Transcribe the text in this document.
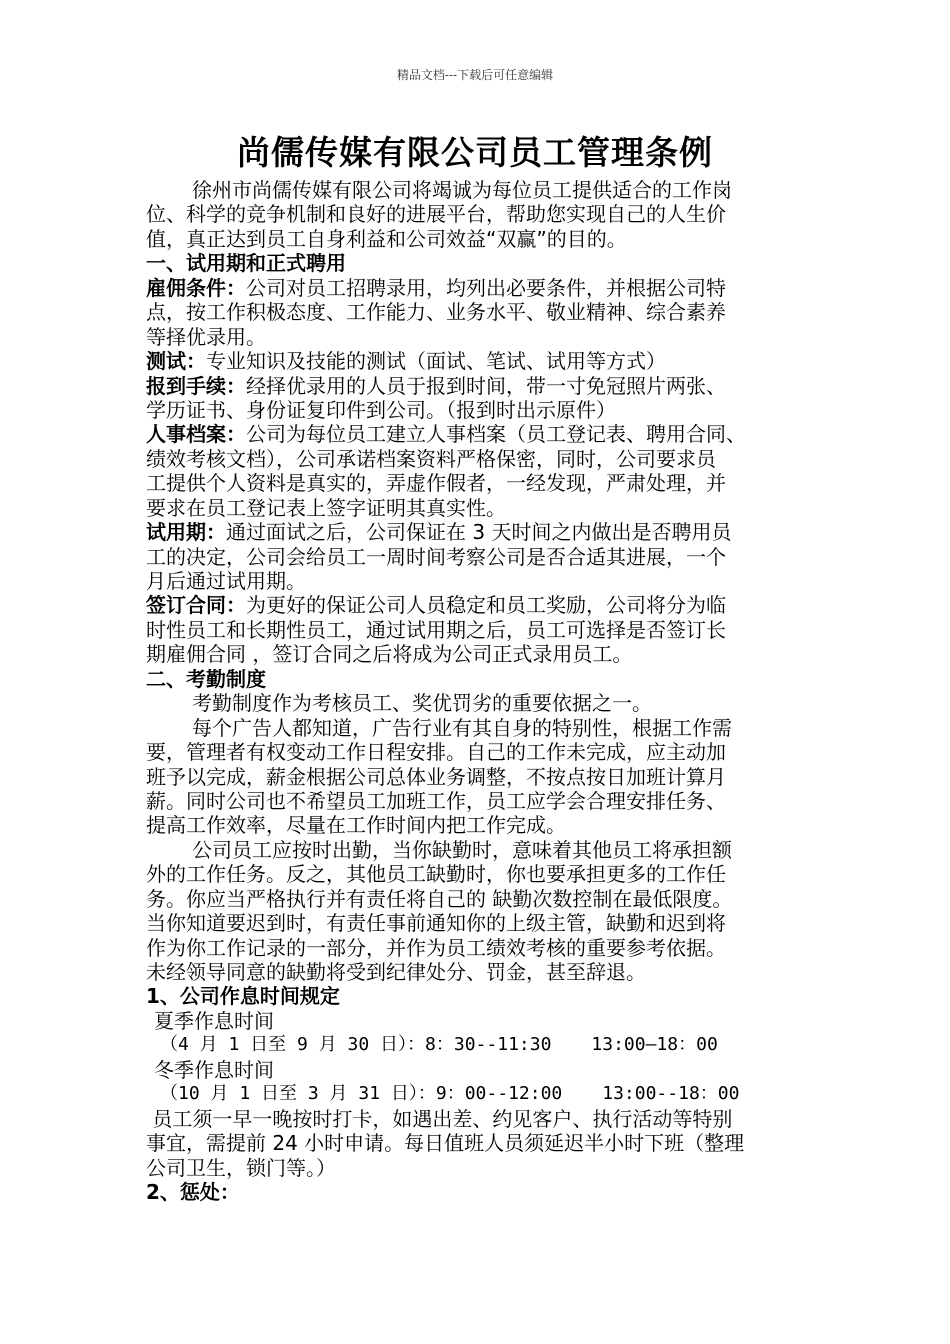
精品文档---下载后可任意编辑
尚儒传媒有限公司员工管理条例
徐州市尚儒传媒有限公司将竭诚为每位员工提供适合的工作岗
位、科学的竞争机制和良好的进展平台，帮助您实现自己的人生价
值，真正达到员工自身利益和公司效益“双赢”的目的。
一、试用期和正式聘用
雇佣条件：公司对员工招聘录用，均列出必要条件，并根据公司特
点，按工作积极态度、工作能力、业务水平、敬业精神、综合素养
等择优录用。
测试：专业知识及技能的测试（面试、笔试、试用等方式）
报到手续：经择优录用的人员于报到时间，带一寸免冠照片两张、
学历证书、身份证复印件到公司。（报到时出示原件）
人事档案：公司为每位员工建立人事档案（员工登记表、聘用合同、
绩效考核文档），公司承诺档案资料严格保密，同时，公司要求员
工提供个人资料是真实的，弄虚作假者，一经发现，严肃处理，并
要求在员工登记表上签字证明其真实性。
试用期：通过面试之后，公司保证在 3 天时间之内做出是否聘用员
工的决定，公司会给员工一周时间考察公司是否合适其进展，一个
月后通过试用期。
签订合同：为更好的保证公司人员稳定和员工奖励，公司将分为临
时性员工和长期性员工，通过试用期之后，员工可选择是否签订长
期雇佣合同 ，签订合同之后将成为公司正式录用员工。
二、考勤制度
考勤制度作为考核员工、奖优罚劣的重要依据之一。
每个广告人都知道，广告行业有其自身的特别性，根据工作需
要，管理者有权变动工作日程安排。自己的工作未完成，应主动加
班予以完成，薪金根据公司总体业务调整，不按点按日加班计算月
薪。同时公司也不希望员工加班工作，员工应学会合理安排任务、
提高工作效率，尽量在工作时间内把工作完成。
公司员工应按时出勤，当你缺勤时，意味着其他员工将承担额
外的工作任务。反之，其他员工缺勤时，你也要承担更多的工作任
务。你应当严格执行并有责任将自己的 缺勤次数控制在最低限度。
当你知道要迟到时，有责任事前通知你的上级主管，缺勤和迟到将
作为你工作记录的一部分，并作为员工绩效考核的重要参考依据。
未经领导同意的缺勤将受到纪律处分、罚金，甚至辞退。
1、公司作息时间规定
夏季作息时间
（4 月 1 日至 9 月 30 日）：8：30--11:30 13:00—18：00
冬季作息时间
（10 月 1 日至 3 月 31 日）：9：00--12:00 13:00--18：00
员工须一早一晚按时打卡，如遇出差、约见客户、执行活动等特别
事宜，需提前 24 小时申请。每日值班人员须延迟半小时下班（整理
公司卫生，锁门等。）
2、惩处：
